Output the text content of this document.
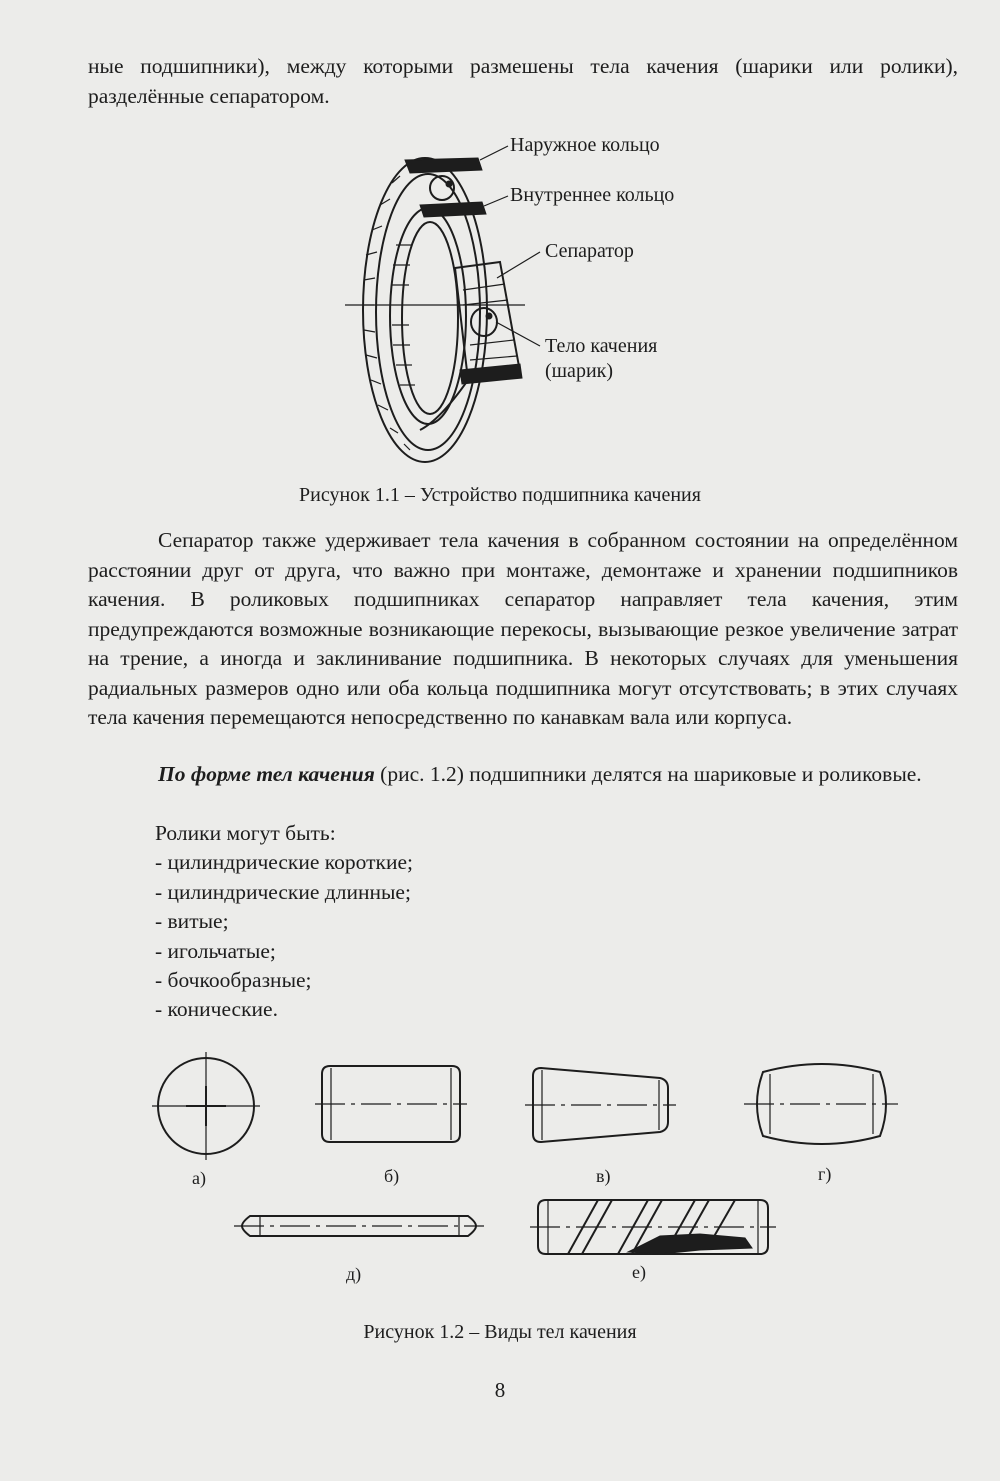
ные подшипники), между которыми размешены тела качения (шарики или ролики), разделённые сепаратором.
Наружное кольцо
Внутреннее кольцо
Сепаратор
Тело качения
(шарик)
Рисунок 1.1 – Устройство подшипника качения
Сепаратор также удерживает тела качения в собранном состоянии на определённом расстоянии друг от друга, что важно при монтаже, демонтаже и хранении подшипников качения. В роликовых подшипниках сепаратор направляет тела качения, этим предупреждаются возможные возникающие перекосы, вызывающие резкое увеличение затрат на трение, а иногда и заклинивание подшипника. В некоторых случаях для уменьшения радиальных размеров одно или оба кольца подшипника могут отсутствовать; в этих случаях тела качения перемещаются непосредственно по канавкам вала или корпуса.
По форме тел качения (рис. 1.2) подшипники делятся на шариковые и роликовые.
Ролики могут быть:
- цилиндрические короткие;
- цилиндрические длинные;
- витые;
- игольчатые;
- бочкообразные;
- конические.
а)	б)	в)	г)
д)	е)
Рисунок 1.2 – Виды тел качения
8
